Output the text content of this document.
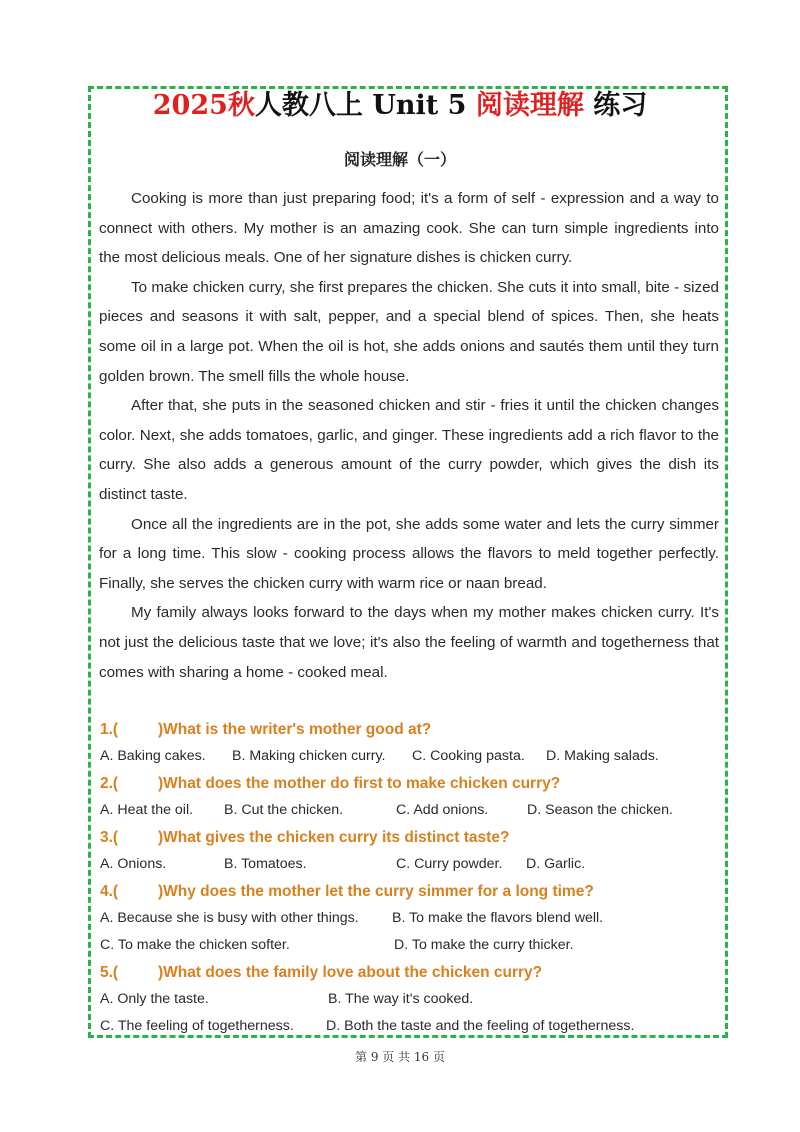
2025秋人教八上 Unit 5 阅读理解 练习
阅读理解（一）

Cooking is more than just preparing food; it's a form of self - expression and a way to connect with others. My mother is an amazing cook. She can turn simple ingredients into the most delicious meals. One of her signature dishes is chicken curry.

To make chicken curry, she first prepares the chicken. She cuts it into small, bite - sized pieces and seasons it with salt, pepper, and a special blend of spices. Then, she heats some oil in a large pot. When the oil is hot, she adds onions and sautés them until they turn golden brown. The smell fills the whole house.

After that, she puts in the seasoned chicken and stir - fries it until the chicken changes color. Next, she adds tomatoes, garlic, and ginger. These ingredients add a rich flavor to the curry. She also adds a generous amount of the curry powder, which gives the dish its distinct taste.

Once all the ingredients are in the pot, she adds some water and lets the curry simmer for a long time. This slow - cooking process allows the flavors to meld together perfectly. Finally, she serves the chicken curry with warm rice or naan bread.

My family always looks forward to the days when my mother makes chicken curry. It's not just the delicious taste that we love; it's also the feeling of warmth and togetherness that comes with sharing a home - cooked meal.

1.(	)What is the writer's mother good at?
A. Baking cakes. B. Making chicken curry. C. Cooking pasta. D. Making salads.
2.(	)What does the mother do first to make chicken curry?
A. Heat the oil. B. Cut the chicken.	C. Add onions.	D. Season the chicken.
3.(	)What gives the chicken curry its distinct taste?
A. Onions.	B. Tomatoes.	C. Curry powder. D. Garlic.
4.(	)Why does the mother let the curry simmer for a long time?
A. Because she is busy with other things. B. To make the flavors blend well.
C. To make the chicken softer.	D. To make the curry thicker.
5.(	)What does the family love about the chicken curry?
A. Only the taste.	B. The way it's cooked.
C. The feeling of togetherness. D. Both the taste and the feeling of togetherness.
第 9 页 共 16 页
